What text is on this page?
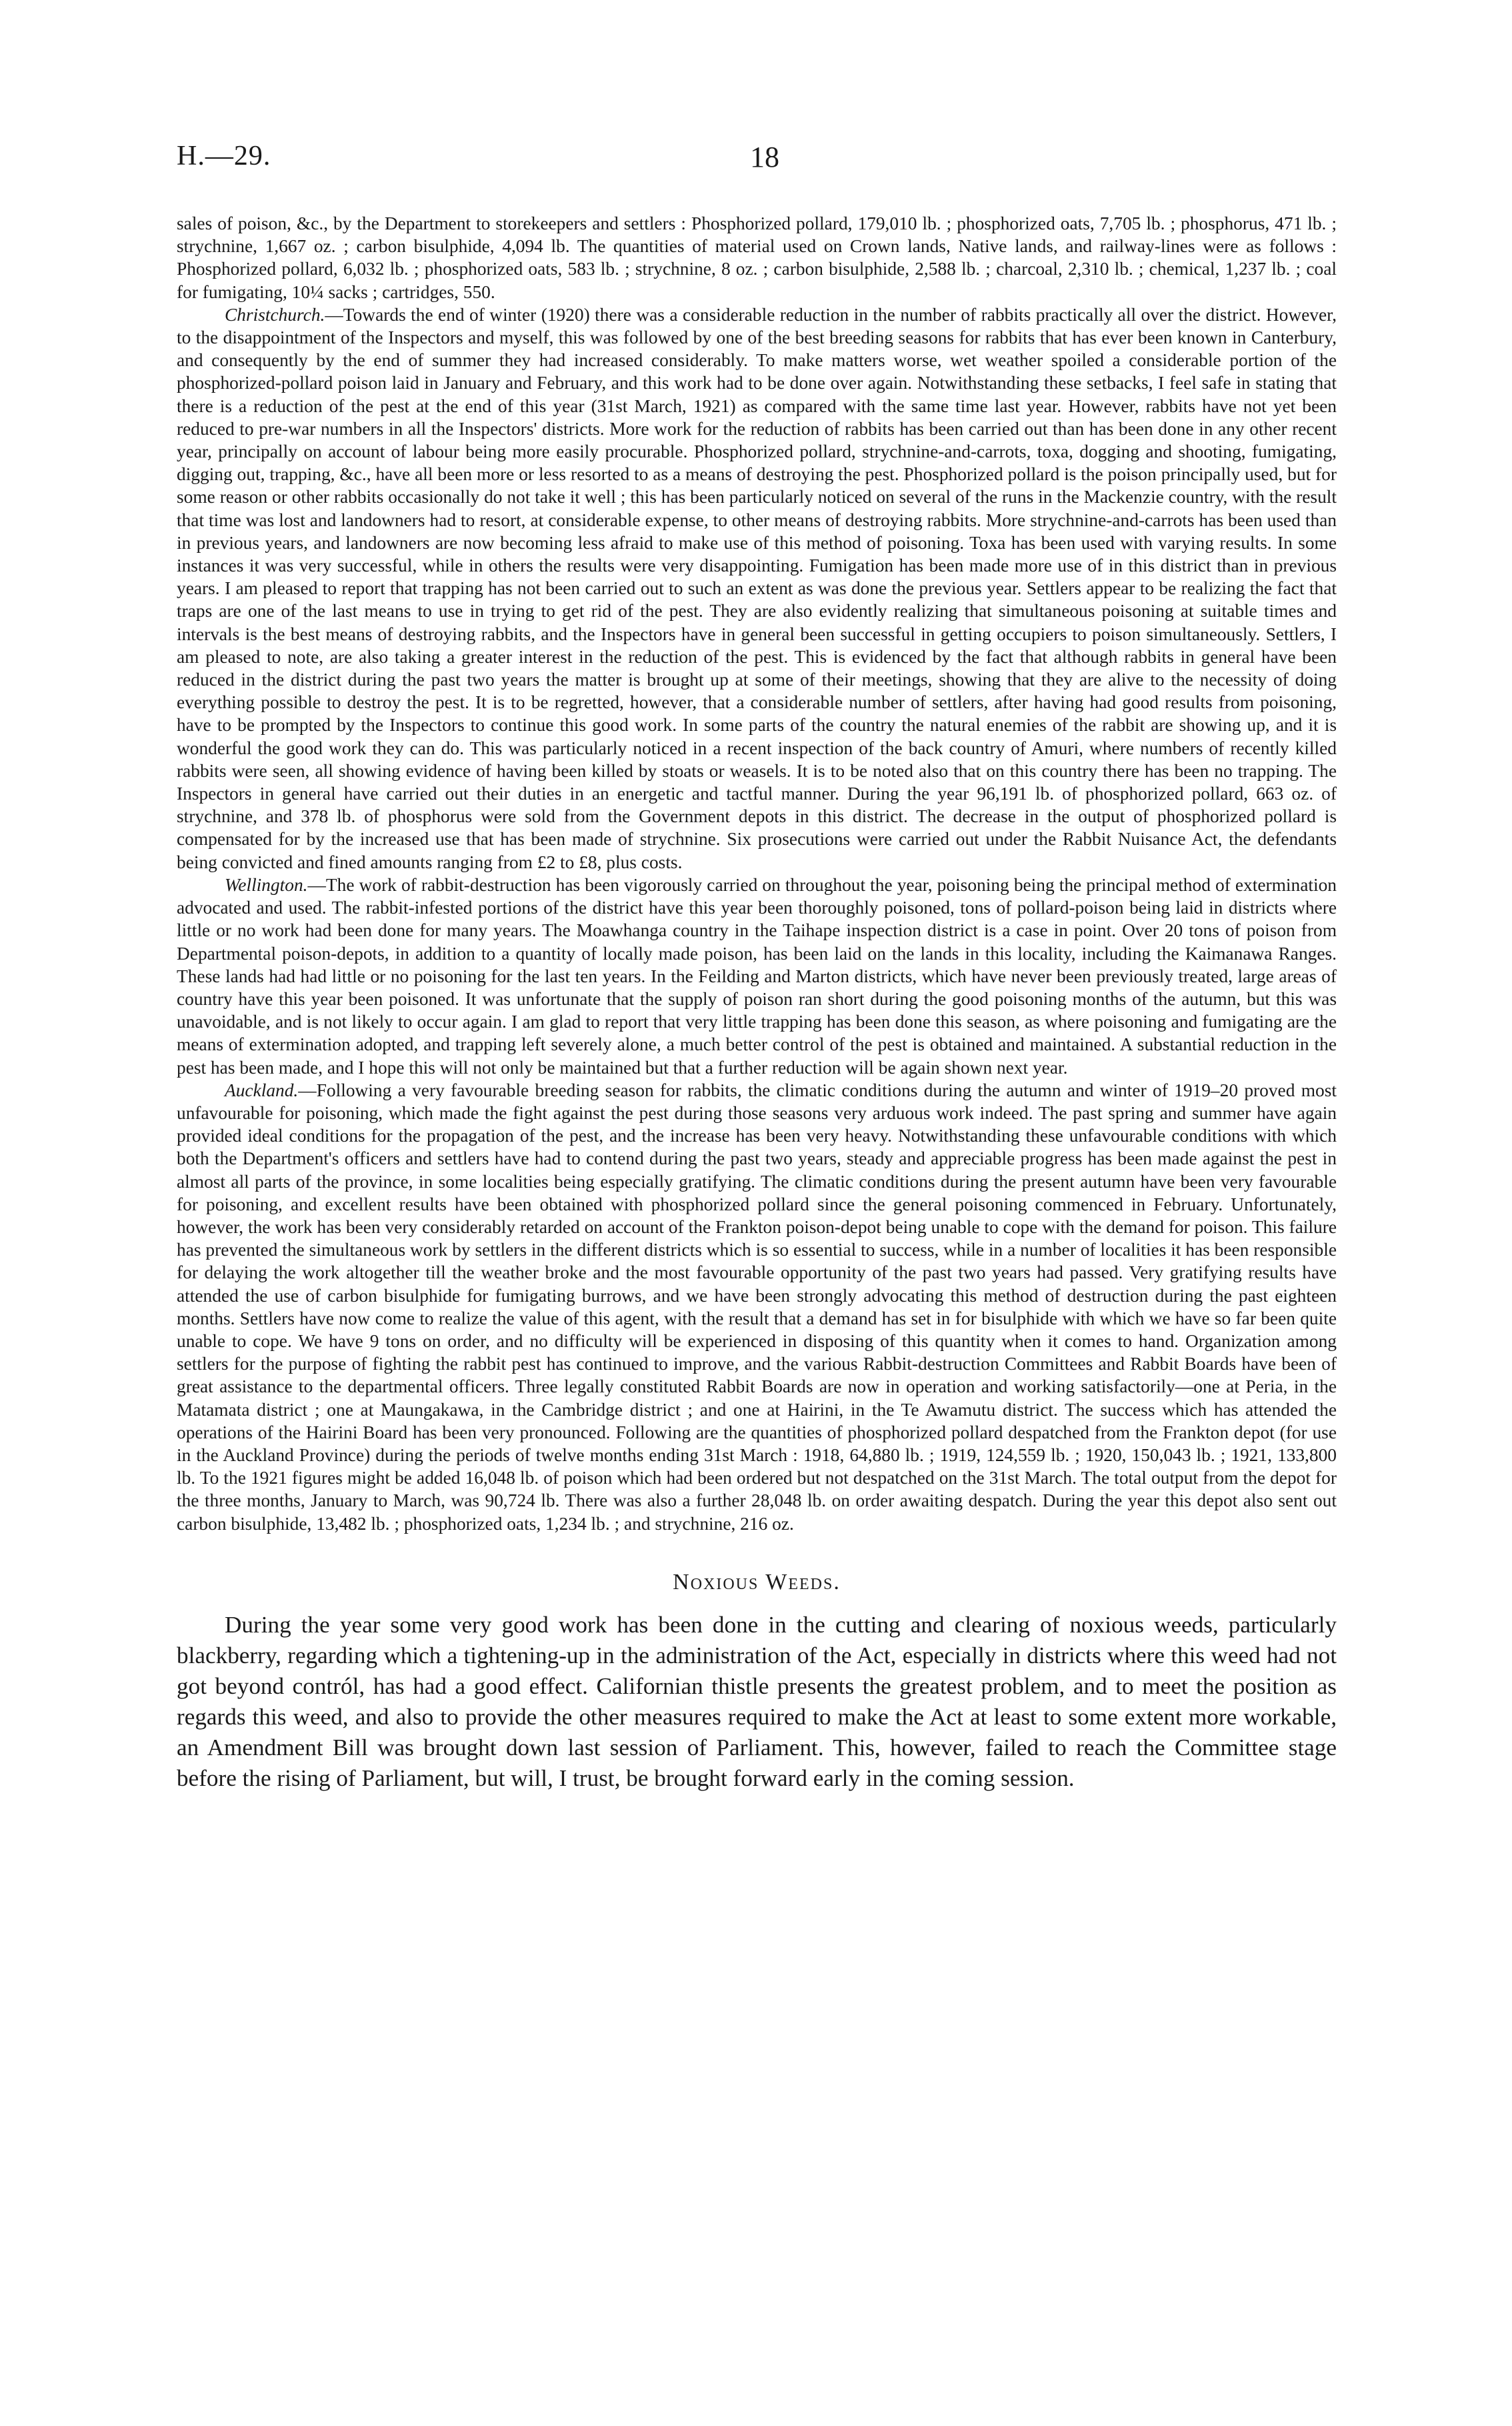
H.—29.	18

sales of poison, &c., by the Department to storekeepers and settlers : Phosphorized pollard, 179,010 lb. ; phosphorized oats, 7,705 lb. ; phosphorus, 471 lb. ; strychnine, 1,667 oz. ; carbon bisulphide, 4,094 lb. The quantities of material used on Crown lands, Native lands, and railway-lines were as follows : Phosphorized pollard, 6,032 lb. ; phosphorized oats, 583 lb. ; strychnine, 8 oz. ; carbon bisulphide, 2,588 lb. ; charcoal, 2,310 lb. ; chemical, 1,237 lb. ; coal for fumigating, 10¼ sacks ; cartridges, 550.

Christchurch.—Towards the end of winter (1920) there was a considerable reduction in the number of rabbits practically all over the district. However, to the disappointment of the Inspectors and myself, this was followed by one of the best breeding seasons for rabbits that has ever been known in Canterbury, and consequently by the end of summer they had increased considerably. To make matters worse, wet weather spoiled a considerable portion of the phosphorized-pollard poison laid in January and February, and this work had to be done over again. Notwithstanding these setbacks, I feel safe in stating that there is a reduction of the pest at the end of this year (31st March, 1921) as compared with the same time last year. However, rabbits have not yet been reduced to pre-war numbers in all the Inspectors' districts. More work for the reduction of rabbits has been carried out than has been done in any other recent year, principally on account of labour being more easily procurable. Phosphorized pollard, strychnine-and-carrots, toxa, dogging and shooting, fumigating, digging out, trapping, &c., have all been more or less resorted to as a means of destroying the pest. Phosphorized pollard is the poison principally used, but for some reason or other rabbits occasionally do not take it well ; this has been particularly noticed on several of the runs in the Mackenzie country, with the result that time was lost and landowners had to resort, at considerable expense, to other means of destroying rabbits. More strychnine-and-carrots has been used than in previous years, and landowners are now becoming less afraid to make use of this method of poisoning. Toxa has been used with varying results. In some instances it was very successful, while in others the results were very disappointing. Fumigation has been made more use of in this district than in previous years. I am pleased to report that trapping has not been carried out to such an extent as was done the previous year. Settlers appear to be realizing the fact that traps are one of the last means to use in trying to get rid of the pest. They are also evidently realizing that simultaneous poisoning at suitable times and intervals is the best means of destroying rabbits, and the Inspectors have in general been successful in getting occupiers to poison simultaneously. Settlers, I am pleased to note, are also taking a greater interest in the reduction of the pest. This is evidenced by the fact that although rabbits in general have been reduced in the district during the past two years the matter is brought up at some of their meetings, showing that they are alive to the necessity of doing everything possible to destroy the pest. It is to be regretted, however, that a considerable number of settlers, after having had good results from poisoning, have to be prompted by the Inspectors to continue this good work. In some parts of the country the natural enemies of the rabbit are showing up, and it is wonderful the good work they can do. This was particularly noticed in a recent inspection of the back country of Amuri, where numbers of recently killed rabbits were seen, all showing evidence of having been killed by stoats or weasels. It is to be noted also that on this country there has been no trapping. The Inspectors in general have carried out their duties in an energetic and tactful manner. During the year 96,191 lb. of phosphorized pollard, 663 oz. of strychnine, and 378 lb. of phosphorus were sold from the Government depots in this district. The decrease in the output of phosphorized pollard is compensated for by the increased use that has been made of strychnine. Six prosecutions were carried out under the Rabbit Nuisance Act, the defendants being convicted and fined amounts ranging from £2 to £8, plus costs.

Wellington.—The work of rabbit-destruction has been vigorously carried on throughout the year, poisoning being the principal method of extermination advocated and used. The rabbit-infested portions of the district have this year been thoroughly poisoned, tons of pollard-poison being laid in districts where little or no work had been done for many years. The Moawhanga country in the Taihape inspection district is a case in point. Over 20 tons of poison from Departmental poison-depots, in addition to a quantity of locally made poison, has been laid on the lands in this locality, including the Kaimanawa Ranges. These lands had had little or no poisoning for the last ten years. In the Feilding and Marton districts, which have never been previously treated, large areas of country have this year been poisoned. It was unfortunate that the supply of poison ran short during the good poisoning months of the autumn, but this was unavoidable, and is not likely to occur again. I am glad to report that very little trapping has been done this season, as where poisoning and fumigating are the means of extermination adopted, and trapping left severely alone, a much better control of the pest is obtained and maintained. A substantial reduction in the pest has been made, and I hope this will not only be maintained but that a further reduction will be again shown next year.

Auckland.—Following a very favourable breeding season for rabbits, the climatic conditions during the autumn and winter of 1919–20 proved most unfavourable for poisoning, which made the fight against the pest during those seasons very arduous work indeed. The past spring and summer have again provided ideal conditions for the propagation of the pest, and the increase has been very heavy. Notwithstanding these unfavourable conditions with which both the Department's officers and settlers have had to contend during the past two years, steady and appreciable progress has been made against the pest in almost all parts of the province, in some localities being especially gratifying. The climatic conditions during the present autumn have been very favourable for poisoning, and excellent results have been obtained with phosphorized pollard since the general poisoning commenced in February. Unfortunately, however, the work has been very considerably retarded on account of the Frankton poison-depot being unable to cope with the demand for poison. This failure has prevented the simultaneous work by settlers in the different districts which is so essential to success, while in a number of localities it has been responsible for delaying the work altogether till the weather broke and the most favourable opportunity of the past two years had passed. Very gratifying results have attended the use of carbon bisulphide for fumigating burrows, and we have been strongly advocating this method of destruction during the past eighteen months. Settlers have now come to realize the value of this agent, with the result that a demand has set in for bisulphide with which we have so far been quite unable to cope. We have 9 tons on order, and no difficulty will be experienced in disposing of this quantity when it comes to hand. Organization among settlers for the purpose of fighting the rabbit pest has continued to improve, and the various Rabbit-destruction Committees and Rabbit Boards have been of great assistance to the departmental officers. Three legally constituted Rabbit Boards are now in operation and working satisfactorily—one at Peria, in the Matamata district ; one at Maungakawa, in the Cambridge district ; and one at Hairini, in the Te Awamutu district. The success which has attended the operations of the Hairini Board has been very pronounced. Following are the quantities of phosphorized pollard despatched from the Frankton depot (for use in the Auckland Province) during the periods of twelve months ending 31st March : 1918, 64,880 lb. ; 1919, 124,559 lb. ; 1920, 150,043 lb. ; 1921, 133,800 lb. To the 1921 figures might be added 16,048 lb. of poison which had been ordered but not despatched on the 31st March. The total output from the depot for the three months, January to March, was 90,724 lb. There was also a further 28,048 lb. on order awaiting despatch. During the year this depot also sent out carbon bisulphide, 13,482 lb. ; phosphorized oats, 1,234 lb. ; and strychnine, 216 oz.

Noxious Weeds.

During the year some very good work has been done in the cutting and clearing of noxious weeds, particularly blackberry, regarding which a tightening-up in the administration of the Act, especially in districts where this weed had not got beyond contról, has had a good effect. Californian thistle presents the greatest problem, and to meet the position as regards this weed, and also to provide the other measures required to make the Act at least to some extent more workable, an Amendment Bill was brought down last session of Parliament. This, however, failed to reach the Committee stage before the rising of Parliament, but will, I trust, be brought forward early in the coming session.
